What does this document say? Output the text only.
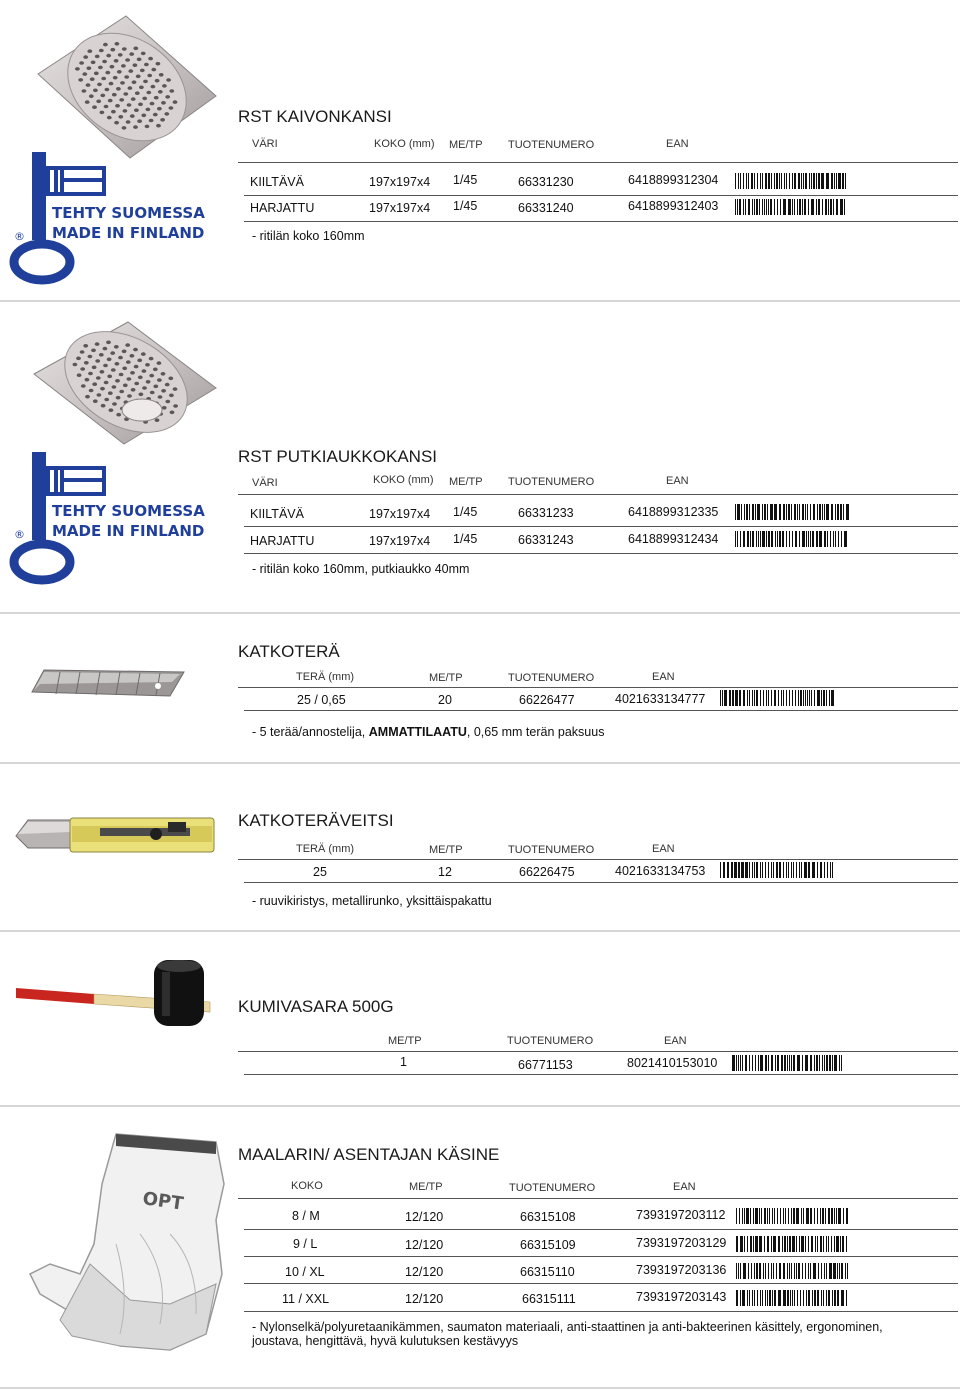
TEHTY SUOMESSA
MADE IN FINLAND
®
RST KAIVONKANSI
VÄRI	KOKO (mm) ME/TP TUOTENUMERO	EAN
KIILTÄVÄ	197x197x4 1/45	66331230	6418899312304
HARJATTU	197x197x4 1/45	66331240	6418899312403
- ritilän koko 160mm
TEHTY SUOMESSA
MADE IN FINLAND
®
RST PUTKIAUKKOKANSI
VÄRI	KOKO (mm) ME/TP TUOTENUMERO	EAN
KIILTÄVÄ	197x197x4 1/45	66331233	6418899312335
HARJATTU	197x197x4 1/45	66331243	6418899312434
- ritilän koko 160mm, putkiaukko 40mm
KATKOTERÄ
TERÄ (mm)	ME/TP	TUOTENUMERO	EAN
25 / 0,65	20	66226477	4021633134777
- 5 terää/annostelija, AMMATTILAATU, 0,65 mm terän paksuus
KATKOTERÄVEITSI
TERÄ (mm)	ME/TP	TUOTENUMERO	EAN
25	12	66226475	4021633134753
- ruuvikiristys, metallirunko, yksittäispakattu
KUMIVASARA 500G
ME/TP	TUOTENUMERO	EAN
1	66771153	8021410153010
OPT
MAALARIN/ ASENTAJAN KÄSINE
KOKO	ME/TP	TUOTENUMERO	EAN
8 / M	12/120	66315108	7393197203112
9 / L	12/120	66315109	7393197203129
10 / XL	12/120	66315110	7393197203136
11 / XXL	12/120	66315111	7393197203143
- Nylonselkä/polyuretaanikämmen, saumaton materiaali, anti-staattinen ja anti-bakteerinen käsittely, ergonominen,
joustava, hengittävä, hyvä kulutuksen kestävyys
